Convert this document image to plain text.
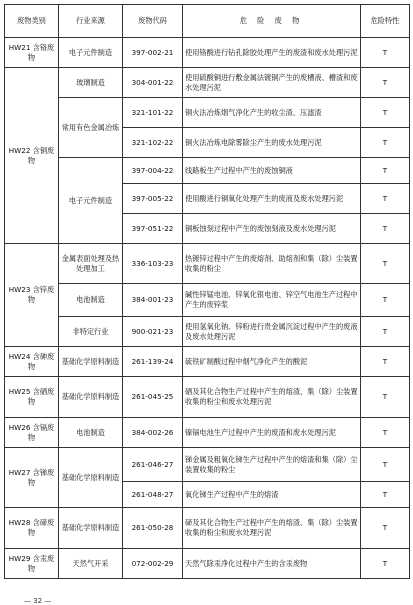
废物类别	行业来源	废物代码	危 险 废 物	危险特性
HW21 含铬废物	电子元件制造	397-002-21	使用铬酸进行钻孔除胶处理产生的废渣和废水处理污泥	T
HW22 含铜废物	玻璃制造	304-001-22	使用硫酸铜进行敷金属法镀铜产生的废槽液、槽渣和废水处理污泥	T
	常用有色金属冶炼	321-101-22	铜火法冶炼烟气净化产生的收尘渣、压滤渣	T
		321-102-22	铜火法冶炼电除雾除尘产生的废水处理污泥	T
	电子元件制造	397-004-22	线路板生产过程中产生的废蚀铜液	T
		397-005-22	使用酸进行铜氧化处理产生的废液及废水处理污泥	T
		397-051-22	铜板蚀刻过程中产生的废蚀刻液及废水处理污泥	T
HW23 含锌废物	金属表面处理及热处理加工	336-103-23	热镀锌过程中产生的废熔剂、助熔剂和集（除）尘装置收集的粉尘	T
	电池制造	384-001-23	碱性锌锰电池、锌氧化银电池、锌空气电池生产过程中产生的废锌浆	T
	非特定行业	900-021-23	使用氢氧化钠、锌粉进行贵金属沉淀过程中产生的废液及废水处理污泥	T
HW24 含砷废物	基础化学原料制造	261-139-24	硫铁矿制酸过程中烟气净化产生的酸泥	T
HW25 含硒废物	基础化学原料制造	261-045-25	硒及其化合物生产过程中产生的熔渣、集（除）尘装置收集的粉尘和废水处理污泥	T
HW26 含镉废物	电池制造	384-002-26	镍镉电池生产过程中产生的废渣和废水处理污泥	T
HW27 含锑废物	基础化学原料制造	261-046-27	锑金属及粗氧化锑生产过程中产生的熔渣和集（除）尘装置收集的粉尘	T
		261-048-27	氧化锑生产过程中产生的熔渣	T
HW28 含碲废物	基础化学原料制造	261-050-28	碲及其化合物生产过程中产生的熔渣、集（除）尘装置收集的粉尘和废水处理污泥	T
HW29 含汞废物	天然气开采	072-002-29	天然气除汞净化过程中产生的含汞废物	T
— 32 —
